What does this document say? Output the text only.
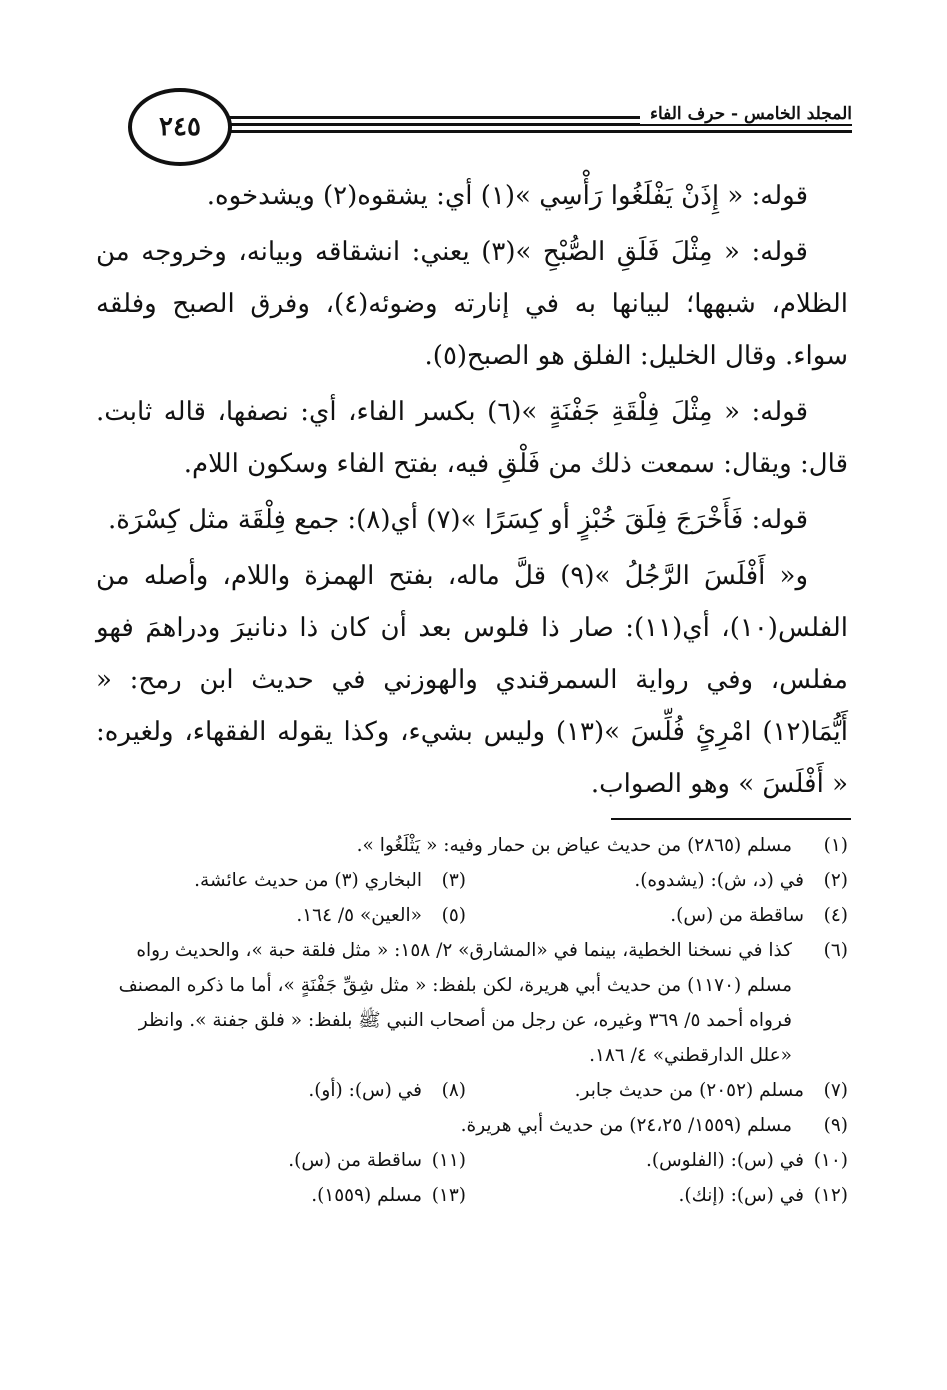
المجلد الخامس - حرف الفاء
٢٤٥

قوله: « إِذَنْ يَفْلَغُوا رَأْسِي »(١) أي: يشقوه(٢) ويشدخوه.

قوله: « مِثْلَ فَلَقِ الصُّبْحِ »(٣) يعني: انشقاقه وبيانه، وخروجه من الظلام، شبهها؛ لبيانها به في إنارته وضوئه(٤)، وفرق الصبح وفلقه سواء. وقال الخليل: الفلق هو الصبح(٥).

قوله: « مِثْلَ فِلْقَةِ جَفْنَةٍ »(٦) بكسر الفاء، أي: نصفها، قاله ثابت. قال: ويقال: سمعت ذلك من فَلْقِ فيه، بفتح الفاء وسكون اللام.

قوله: فَأَخْرَجَ فِلَقَ خُبْزٍ أو كِسَرًا »(٧) أي(٨): جمع فِلْقَة مثل كِسْرَة.

و« أَفْلَسَ الرَّجُلُ »(٩) قلَّ ماله، بفتح الهمزة واللام، وأصله من الفلس(١٠)، أي(١١): صار ذا فلوس بعد أن كان ذا دنانيرَ ودراهمَ فهو مفلس، وفي رواية السمرقندي والهوزني في حديث ابن رمح: « أَيُّمَا(١٢) امْرِئٍ فُلِّسَ »(١٣) وليس بشيء، وكذا يقوله الفقهاء، ولغيره: « أَفْلَسَ » وهو الصواب.

(١)
مسلم (٢٨٦٥) من حديث عياض بن حمار وفيه: « يَثْلَغُوا ».
(٢)
في (د، ش): (يشدوه).
(٣)
البخاري (٣) من حديث عائشة.
(٤)
ساقطة من (س).
(٥)
«العين» ٥/ ١٦٤.
(٦)
كذا في نسخنا الخطية، بينما في «المشارق» ٢/ ١٥٨: « مثل فلقة حبة »، والحديث رواه مسلم (١١٧٠) من حديث أبي هريرة، لكن بلفظ: « مثل شِقِّ جَفْنَةٍ »، أما ما ذكره المصنف فرواه أحمد ٥/ ٣٦٩ وغيره، عن رجل من أصحاب النبي ﷺ بلفظ: « فلق جفنة ». وانظر «علل الدارقطني» ٤/ ١٨٦.
(٧)
مسلم (٢٠٥٢) من حديث جابر.
(٨)
في (س): (أو).
(٩)
مسلم (١٥٥٩/ ٢٤،٢٥) من حديث أبي هريرة.
(١٠)
في (س): (الفلوس).
(١١)
ساقطة من (س).
(١٢)
في (س): (إنك).
(١٣)
مسلم (١٥٥٩).
